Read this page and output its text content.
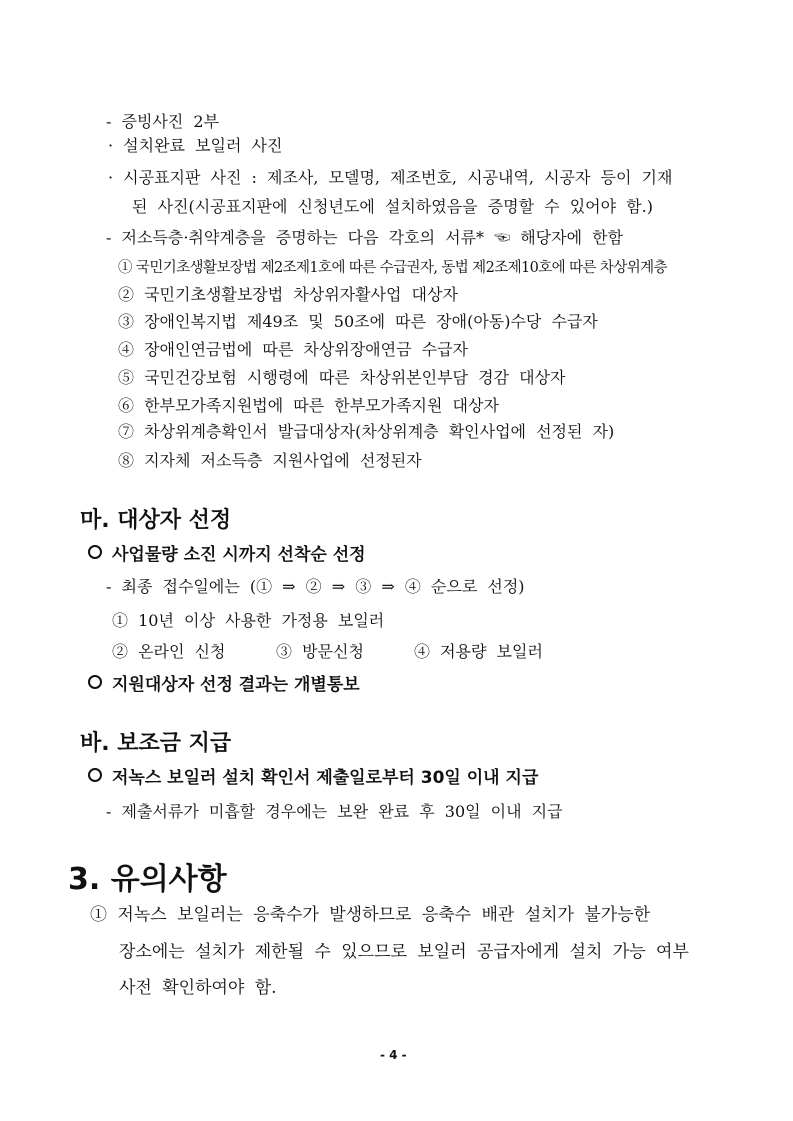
- 증빙사진 2부
· 설치완료 보일러 사진
· 시공표지판 사진 : 제조사, 모델명, 제조번호, 시공내역, 시공자 등이 기재
된 사진(시공표지판에 신청년도에 설치하였음을 증명할 수 있어야 함.)
- 저소득층·취약계층을 증명하는 다음 각호의 서류* ☜ 해당자에 한함
① 국민기초생활보장법 제2조제1호에 따른 수급권자, 동법 제2조제10호에 따른 차상위계층
② 국민기초생활보장법 차상위자활사업 대상자
③ 장애인복지법 제49조 및 50조에 따른 장애(아동)수당 수급자
④ 장애인연금법에 따른 차상위장애연금 수급자
⑤ 국민건강보험 시행령에 따른 차상위본인부담 경감 대상자
⑥ 한부모가족지원법에 따른 한부모가족지원 대상자
⑦ 차상위계층확인서 발급대상자(차상위계층 확인사업에 선정된 자)
⑧ 지자체 저소득층 지원사업에 선정된자
마. 대상자 선정
사업물량 소진 시까지 선착순 선정
- 최종 접수일에는 (① ⇒ ② ⇒ ③ ⇒ ④ 순으로 선정)
① 10년 이상 사용한 가정용 보일러
② 온라인 신청	③ 방문신청	④ 저용량 보일러
지원대상자 선정 결과는 개별통보
바. 보조금 지급
저녹스 보일러 설치 확인서 제출일로부터 30일 이내 지급
- 제출서류가 미흡할 경우에는 보완 완료 후 30일 이내 지급
3. 유의사항
① 저녹스 보일러는 응축수가 발생하므로 응축수 배관 설치가 불가능한
장소에는 설치가 제한될 수 있으므로 보일러 공급자에게 설치 가능 여부
사전 확인하여야 함.
- 4 -
